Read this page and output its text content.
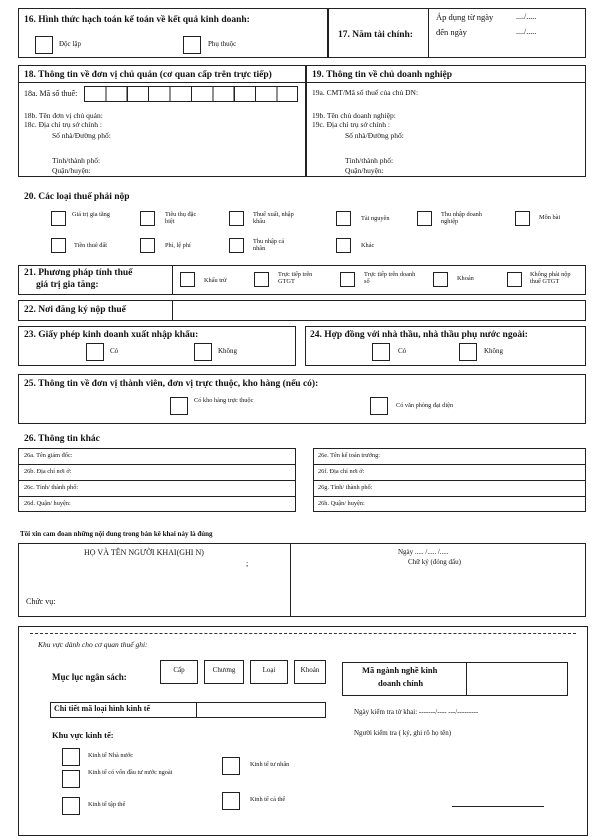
16. Hình thức hạch toán kế toán về kết quả kinh doanh:
Độc lập	Phụ thuộc
17. Năm tài chính:
Áp dụng từ ngày
đến ngày
..../.....
..../.....
18. Thông tin về đơn vị chủ quản (cơ quan cấp trên trực tiếp)
18a. Mã số thuế:
18b. Tên đơn vị chủ quản:
18c. Địa chỉ trụ sở chính :
Số nhà/Đường phố:
Tỉnh/thành phố:
Quận/huyện:
19. Thông tin về chủ doanh nghiệp
19a. CMT/Mã số thuế của chủ DN:
19b. Tên chủ doanh nghiệp:
19c. Địa chỉ trụ sở chính :
Số nhà/Đường phố:
Tỉnh/thành phố:
Quận/huyện:
20. Các loại thuế phải nộp
Giá trị gia tăng	Tiêu thụ đặc biệt
Thuế xuất, nhập khẩu	Tài nguyên
Thu nhập doanh nghiệp
Môn bài
Tiền thuê đất	Phí, lệ phí
Thu nhập cá nhân	Khác
21. Phương pháp tính thuế
giá trị gia tăng:	Khấu trừ
Trực tiếp trên GTGT
Trực tiếp trên doanh số	Khoán
Không phải nộp thuế GTGT
22. Nơi đăng ký nộp thuế
23. Giấy phép kinh doanh xuất nhập khẩu:
Có	Không
24. Hợp đồng với nhà thầu, nhà thầu phụ nước ngoài:
Có	Không
25. Thông tin về đơn vị thành viên, đơn vị trực thuộc, kho hàng (nếu có):
Có kho hàng trực thuộc
Có văn phòng đại diện
26. Thông tin khác
26a. Tên giám đốc:
26b. Địa chỉ nơi ở:
26c. Tỉnh/ thành phố:
26d. Quận/ huyện:
26e. Tên kế toán trưởng:
26f. Địa chỉ nơi ở:
26g. Tỉnh/ thành phố:
26h. Quận/ huyện:
Tôi xin cam đoan những nội dung trong bản kê khai này là đúng
HỌ VÀ TÊN NGƯỜI KHAI(GHI N)
;
Chức vụ:
Ngày ..... /..... /.....
Chữ ký (đóng dấu)
Khu vực dành cho cơ quan thuế ghi:
Mục lục ngân sách:
Cấp	Chương	Loại	Khoản	Mã ngành nghề kinh
doanh chính
Chi tiết mã loại hình kinh tế	Ngày kiểm tra tờ khai: -------/---- ---/---------
Người kiểm tra ( ký, ghi rõ họ tên)
Khu vực kinh tế:
Kinh tế Nhà nước
Kinh tế có vốn đầu tư nước ngoài
Kinh tế tập thể
Kinh tế tư nhân
Kinh tế cá thể
